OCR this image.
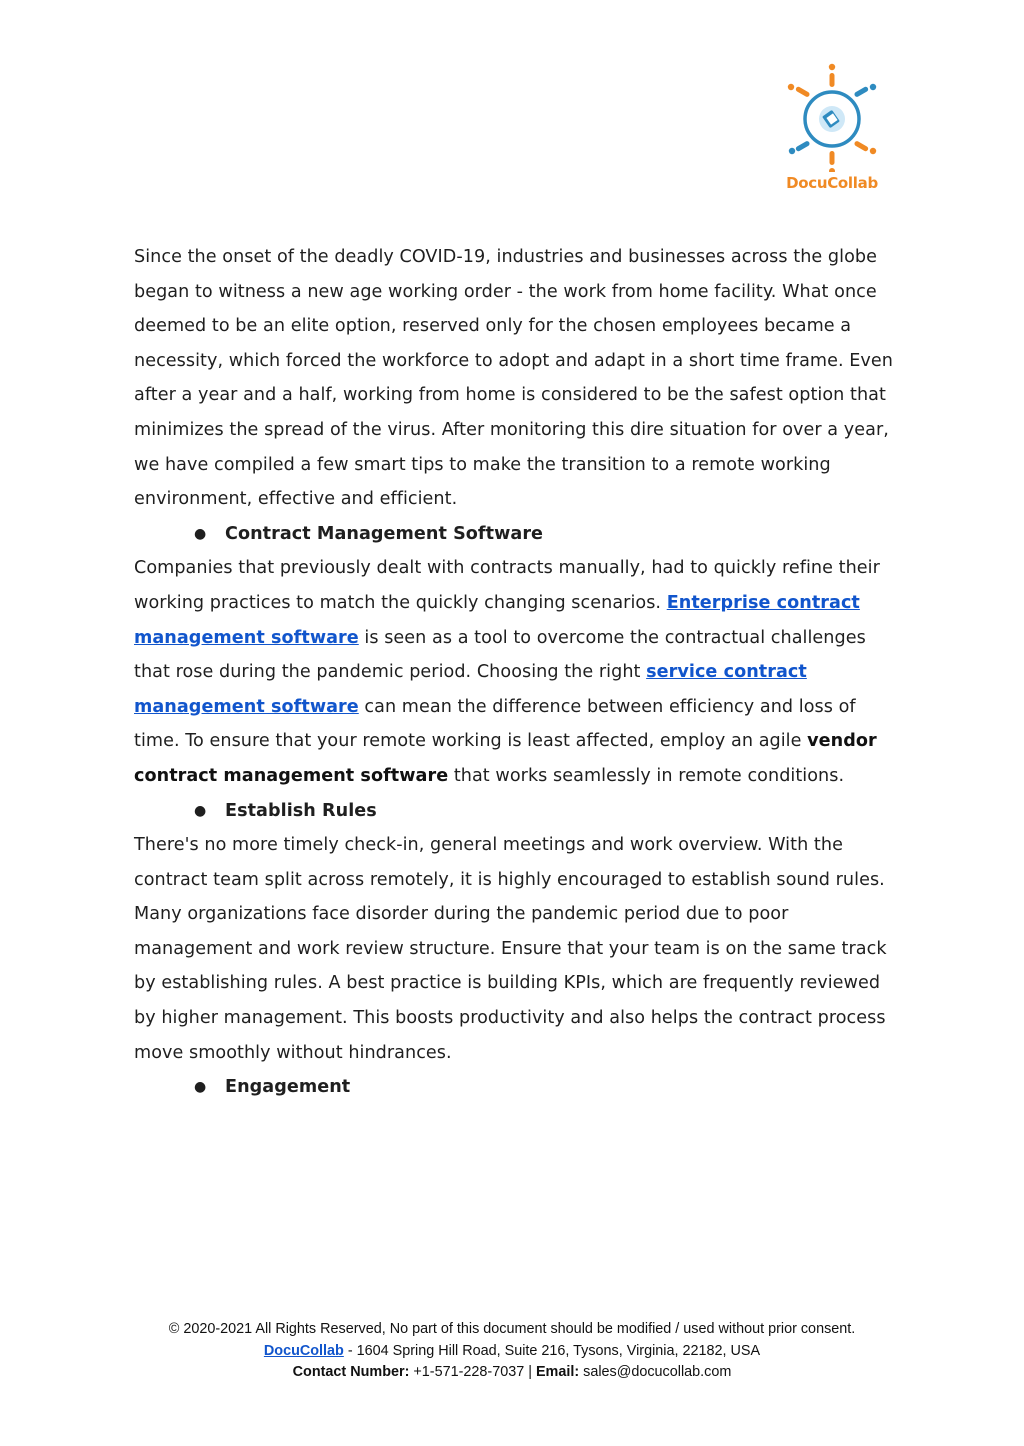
DocuCollab

Since the onset of the deadly COVID-19, industries and businesses across the globe began to witness a new age working order - the work from home facility. What once deemed to be an elite option, reserved only for the chosen employees became a necessity, which forced the workforce to adopt and adapt in a short time frame. Even after a year and a half, working from home is considered to be the safest option that minimizes the spread of the virus. After monitoring this dire situation for over a year, we have compiled a few smart tips to make the transition to a remote working environment, effective and efficient.

● Contract Management Software

Companies that previously dealt with contracts manually, had to quickly refine their working practices to match the quickly changing scenarios. Enterprise contract management software is seen as a tool to overcome the contractual challenges that rose during the pandemic period. Choosing the right service contract management software can mean the difference between efficiency and loss of time. To ensure that your remote working is least affected, employ an agile vendor contract management software that works seamlessly in remote conditions.

● Establish Rules

There's no more timely check-in, general meetings and work overview. With the contract team split across remotely, it is highly encouraged to establish sound rules. Many organizations face disorder during the pandemic period due to poor management and work review structure. Ensure that your team is on the same track by establishing rules. A best practice is building KPIs, which are frequently reviewed by higher management. This boosts productivity and also helps the contract process move smoothly without hindrances.

● Engagement

© 2020-2021 All Rights Reserved, No part of this document should be modified / used without prior consent.
DocuCollab - 1604 Spring Hill Road, Suite 216, Tysons, Virginia, 22182, USA
Contact Number: +1-571-228-7037 | Email: sales@docucollab.com
